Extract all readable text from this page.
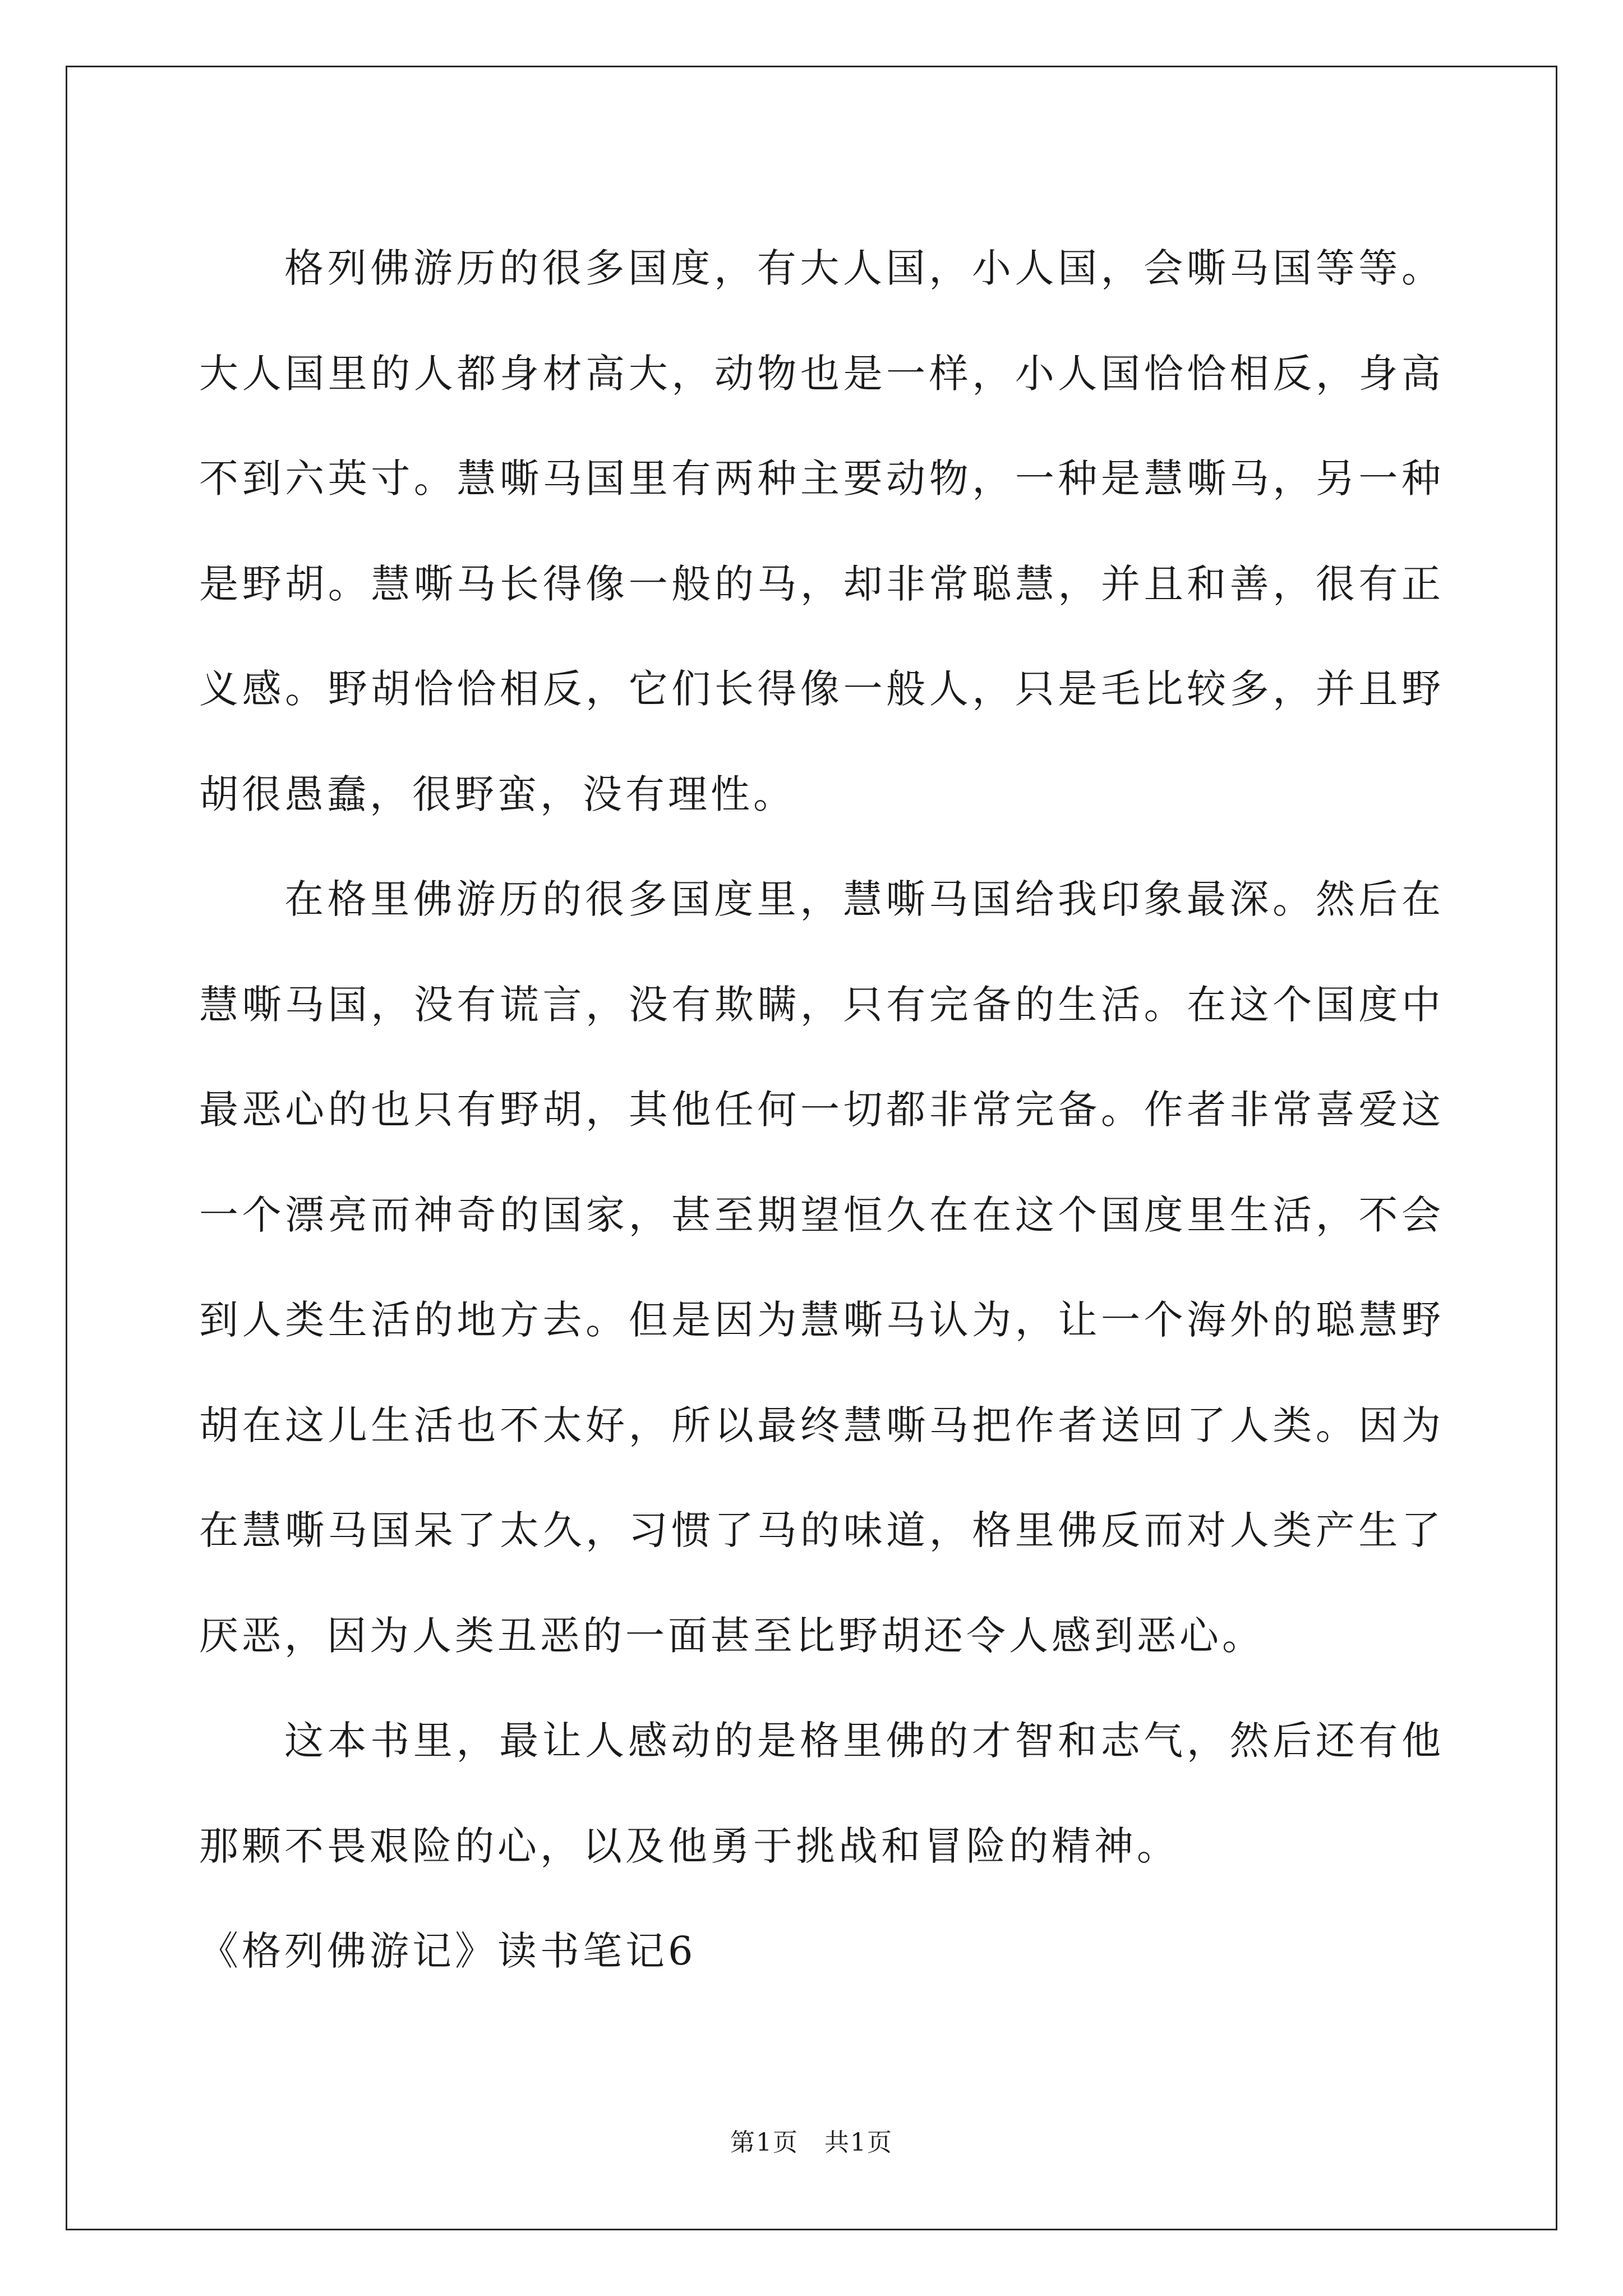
格列佛游历的很多国度，有大人国，小人国，会嘶马国等等。大人国里的人都身材高大，动物也是一样，小人国恰恰相反，身高不到六英寸。慧嘶马国里有两种主要动物，一种是慧嘶马，另一种是野胡。慧嘶马长得像一般的马，却非常聪慧，并且和善，很有正义感。野胡恰恰相反，它们长得像一般人，只是毛比较多，并且野胡很愚蠢，很野蛮，没有理性。

在格里佛游历的很多国度里，慧嘶马国给我印象最深。然后在慧嘶马国，没有谎言，没有欺瞒，只有完备的生活。在这个国度中最恶心的也只有野胡，其他任何一切都非常完备。作者非常喜爱这一个漂亮而神奇的国家，甚至期望恒久在在这个国度里生活，不会到人类生活的地方去。但是因为慧嘶马认为，让一个海外的聪慧野胡在这儿生活也不太好，所以最终慧嘶马把作者送回了人类。因为在慧嘶马国呆了太久，习惯了马的味道，格里佛反而对人类产生了厌恶，因为人类丑恶的一面甚至比野胡还令人感到恶心。

这本书里，最让人感动的是格里佛的才智和志气，然后还有他那颗不畏艰险的心，以及他勇于挑战和冒险的精神。

《格列佛游记》读书笔记6

第1页　共1页
